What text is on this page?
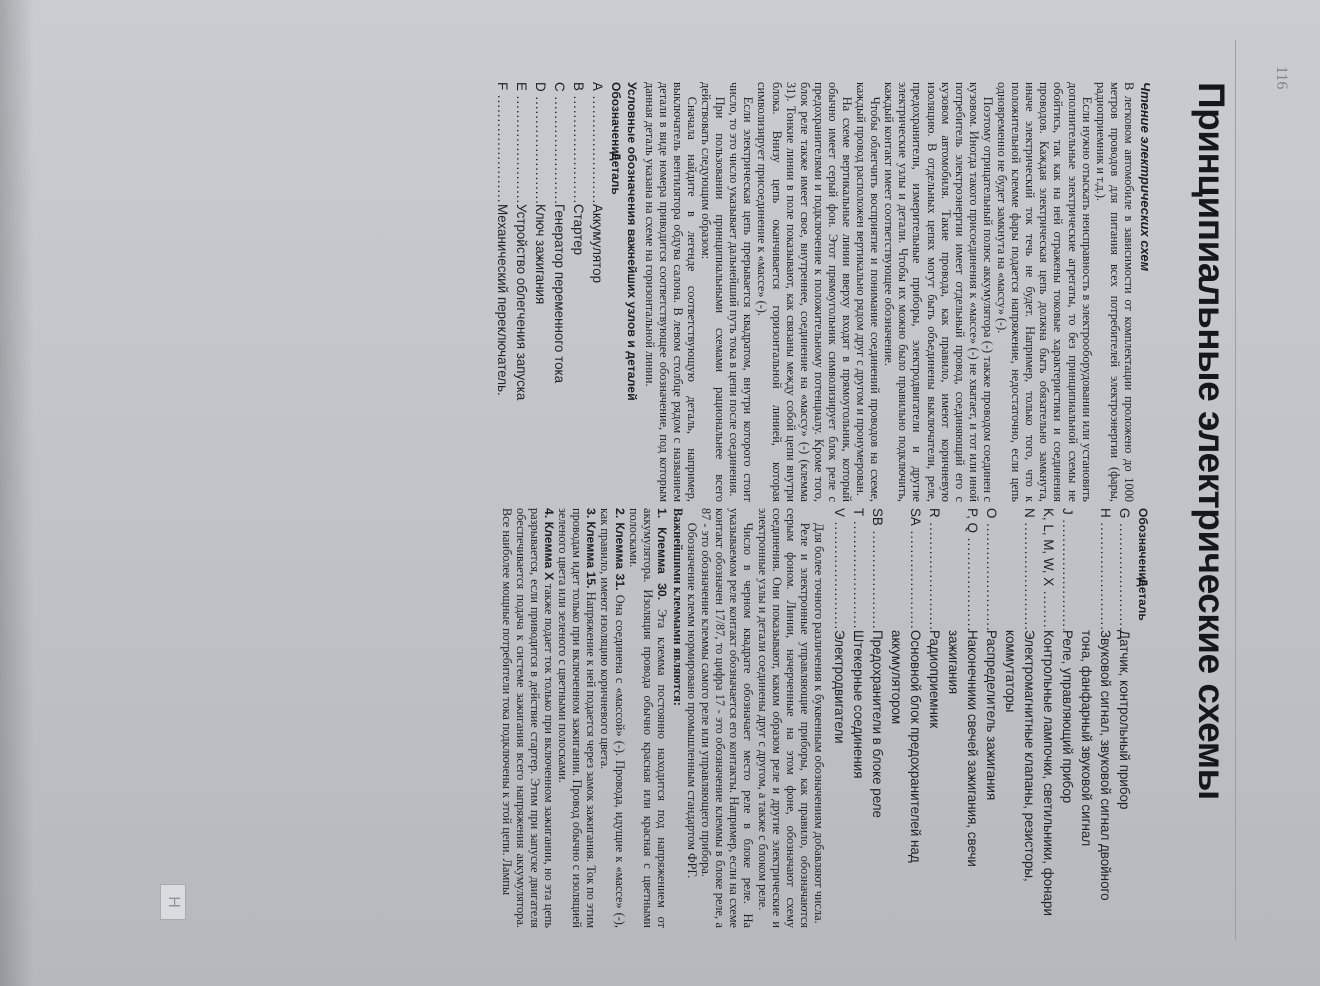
116
Принципиальные электрические схемы
Чтение электрических схем

В легковом автомобиле в зависимости от комплектации проложено до 1000 метров проводов для питания всех потребителей электроэнергии (фары, радиоприемник и т.д.).

Если нужно отыскать неисправность в электрооборудовании или установить дополнительные электрические агрегаты, то без принципиальной схемы не обойтись, так как на ней отражены токовые характеристики и соединения проводов. Каждая электрическая цепь должна быть обязательно замкнута, иначе электрический ток течь не будет. Например, только того, что к положительной клемме фары подается напряжение, недостаточно, если цепь одновременно не будет замкнута на «массу» (-).

Поэтому отрицательный полюс аккумулятора (-) также проводом соединен с кузовом. Иногда такого присоединения к «массе» (-) не хватает, и тот или иной потребитель электроэнергии имеет отдельный провод, соединяющий его с кузовом автомобиля. Такие провода, как правило, имеют коричневую изоляцию. В отдельных цепях могут быть объединены выключатели, реле, предохранители, измерительные приборы, электродвигатели и другие электрические узлы и детали. Чтобы их можно было правильно подключить, каждый контакт имеет соответствующее обозначение.

Чтобы облегчить восприятие и понимание соединений проводов на схеме, каждый провод расположен вертикально рядом друг с другом и пронумерован.

На схеме вертикальные линии вверху входят в прямоугольник, который обычно имеет серый фон. Этот прямоугольник символизирует блок реле с предохранителями и подключение к положительному потенциалу. Кроме того, блок реле также имеет свое, внутреннее, соединение на «массу» (-) (клемма 31). Тонкие линии в поле показывают, как связаны между собой цепи внутри блока. Внизу цепь оканчивается горизонтальной линией, которая символизирует присоединение к «массе» (-).

Если электрическая цепь прерывается квадратом, внутри которого стоит число, то это число указывает дальнейший путь тока в цепи после соединения.

При пользовании принципиальными схемами рациональнее всего действовать следующим образом:

Сначала найдите в легенде соответствующую деталь, например, выключатель вентилятора обдува салона. В левом столбце рядом с названием детали в виде номера приводится соответствующее обозначение, под которым данная деталь указана на схеме на горизонтальной линии.

Условные обозначения важнейших узлов и деталей
Обозначение
Деталь
A .....
Аккумулятор
B .....
Стартер
C .....
Генератор переменного тока
D .....
Ключ зажигания
E .....
Устройство облегчения запуска
F .....
Механический переключатель.
Обозначение
Деталь
G .....
Датчик, контрольный прибор
H .....
Звуковой сигнал, звуковой сигнал двойного тона, фанфарный звуковой сигнал
J .....
Реле, управляющий прибор
K, L, M, W, X .....
Контрольные лампочки, светильники, фонари
N .....
Электромагнитные клапаны, резисторы, коммутаторы
O .....
Распределитель зажигания
P, Q .....
Наконечники свечей зажигания, свечи зажигания
R .....
Радиоприемник
SA .....
Основной блок предохранителей над аккумулятором
SB .....
Предохранители в блоке реле
T .....
Штекерные соединения
V .....
Электродвигатели

Для более точного различения к буквенным обозначениям добавляют числа.

Реле и электронные управляющие приборы, как правило, обозначаются серым фоном. Линии, начерченные на этом фоне, обозначают схему соединения. Они показывают, каким образом реле и другие электрические и электронные узлы и детали соединены друг с другом, а также с блоком реле.

Число в черном квадрате обозначает место реле в блоке реле. На указываемом реле контакт обозначается его контакты. Например, если на схеме контакт обозначен 17/87, то цифра 17 - это обозначение клеммы в блоке реле, а 87 - это обозначение клеммы самого реле или управляющего прибора.

Обозначение клемм нормировано промышленным стандартом ФРГ.

Важнейшими клеммами являются:

1. Клемма 30. Эта клемма постоянно находится под напряжением от аккумулятора. Изоляция провода обычно красная или красная с цветными полосками.
2. Клемма 31. Она соединена с «массой» (-). Провода, идущие к «массе» (-), как правило, имеют изоляцию коричневого цвета.
3. Клемма 15. Напряжение к ней подается через замок зажигания. Ток по этим проводам идет только при включенном зажигании. Провод обычно с изоляцией зеленого цвета или зеленого с цветными полосками.
4. Клемма X также подает ток только при включенном зажигании, но эта цепь разрывается, если приводится в действие стартер. Этим при запуске двигателя обеспечивается подача к системе зажигания всего напряжения аккумулятора. Все наиболее мощные потребители тока подключены к этой цепи. Лампы
H
